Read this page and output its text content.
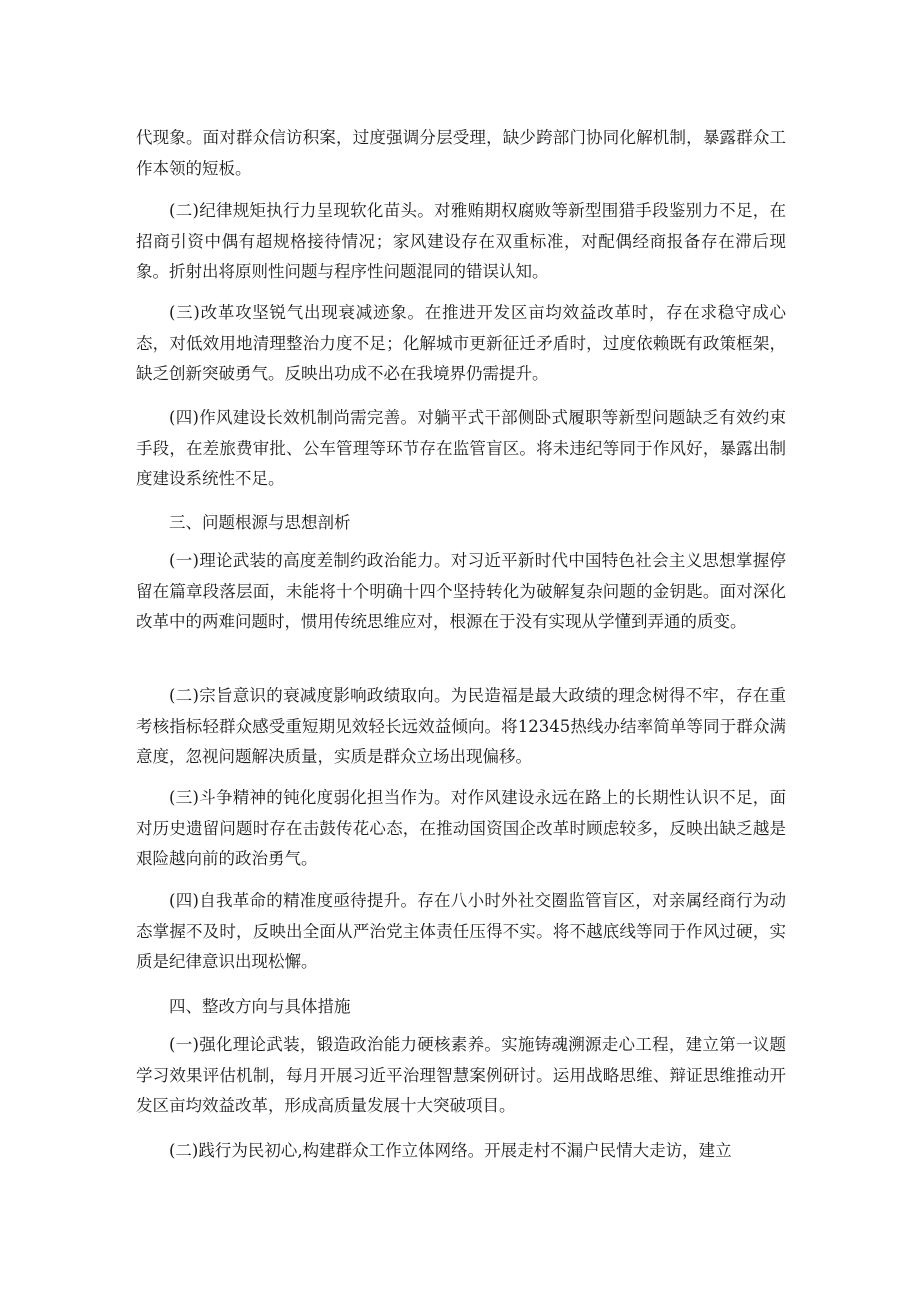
代现象。面对群众信访积案，过度强调分层受理，缺少跨部门协同化解机制，暴露群众工作本领的短板。

(二)纪律规矩执行力呈现软化苗头。对雅贿期权腐败等新型围猎手段鉴别力不足，在招商引资中偶有超规格接待情况；家风建设存在双重标准，对配偶经商报备存在滞后现象。折射出将原则性问题与程序性问题混同的错误认知。

(三)改革攻坚锐气出现衰减迹象。在推进开发区亩均效益改革时，存在求稳守成心态，对低效用地清理整治力度不足；化解城市更新征迁矛盾时，过度依赖既有政策框架，缺乏创新突破勇气。反映出功成不必在我境界仍需提升。

(四)作风建设长效机制尚需完善。对躺平式干部侧卧式履职等新型问题缺乏有效约束手段，在差旅费审批、公车管理等环节存在监管盲区。将未违纪等同于作风好，暴露出制度建设系统性不足。

三、问题根源与思想剖析

(一)理论武装的高度差制约政治能力。对习近平新时代中国特色社会主义思想掌握停留在篇章段落层面，未能将十个明确十四个坚持转化为破解复杂问题的金钥匙。面对深化改革中的两难问题时，惯用传统思维应对，根源在于没有实现从学懂到弄通的质变。

(二)宗旨意识的衰减度影响政绩取向。为民造福是最大政绩的理念树得不牢，存在重考核指标轻群众感受重短期见效轻长远效益倾向。将12345热线办结率简单等同于群众满意度，忽视问题解决质量，实质是群众立场出现偏移。

(三)斗争精神的钝化度弱化担当作为。对作风建设永远在路上的长期性认识不足，面对历史遗留问题时存在击鼓传花心态，在推动国资国企改革时顾虑较多，反映出缺乏越是艰险越向前的政治勇气。

(四)自我革命的精准度亟待提升。存在八小时外社交圈监管盲区，对亲属经商行为动态掌握不及时，反映出全面从严治党主体责任压得不实。将不越底线等同于作风过硬，实质是纪律意识出现松懈。

四、整改方向与具体措施

(一)强化理论武装，锻造政治能力硬核素养。实施铸魂溯源走心工程，建立第一议题学习效果评估机制，每月开展习近平治理智慧案例研讨。运用战略思维、辩证思维推动开发区亩均效益改革，形成高质量发展十大突破项目。

(二)践行为民初心,构建群众工作立体网络。开展走村不漏户民情大走访，建立
